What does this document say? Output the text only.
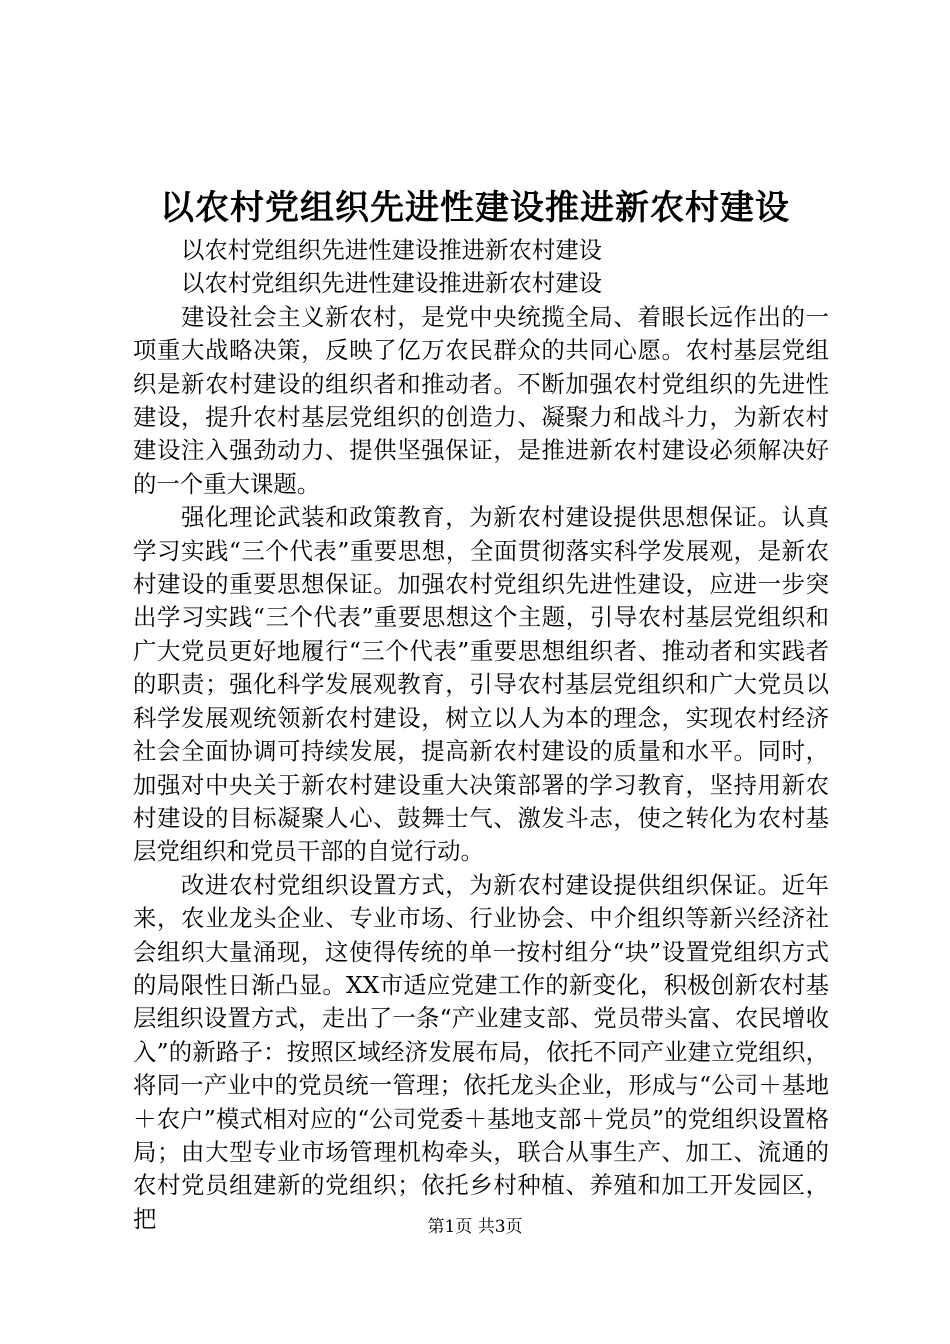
以农村党组织先进性建设推进新农村建设

以农村党组织先进性建设推进新农村建设

以农村党组织先进性建设推进新农村建设

建设社会主义新农村，是党中央统揽全局、着眼长远作出的一项重大战略决策，反映了亿万农民群众的共同心愿。农村基层党组织是新农村建设的组织者和推动者。不断加强农村党组织的先进性建设，提升农村基层党组织的创造力、凝聚力和战斗力，为新农村建设注入强劲动力、提供坚强保证，是推进新农村建设必须解决好的一个重大课题。

强化理论武装和政策教育，为新农村建设提供思想保证。认真学习实践“三个代表”重要思想，全面贯彻落实科学发展观，是新农村建设的重要思想保证。加强农村党组织先进性建设，应进一步突出学习实践“三个代表”重要思想这个主题，引导农村基层党组织和广大党员更好地履行“三个代表”重要思想组织者、推动者和实践者的职责；强化科学发展观教育，引导农村基层党组织和广大党员以科学发展观统领新农村建设，树立以人为本的理念，实现农村经济社会全面协调可持续发展，提高新农村建设的质量和水平。同时，加强对中央关于新农村建设重大决策部署的学习教育，坚持用新农村建设的目标凝聚人心、鼓舞士气、激发斗志，使之转化为农村基层党组织和党员干部的自觉行动。

改进农村党组织设置方式，为新农村建设提供组织保证。近年来，农业龙头企业、专业市场、行业协会、中介组织等新兴经济社会组织大量涌现，这使得传统的单一按村组分“块”设置党组织方式的局限性日渐凸显。XX市适应党建工作的新变化，积极创新农村基层组织设置方式，走出了一条“产业建支部、党员带头富、农民增收入”的新路子：按照区域经济发展布局，依托不同产业建立党组织，将同一产业中的党员统一管理；依托龙头企业，形成与“公司＋基地＋农户”模式相对应的“公司党委＋基地支部＋党员”的党组织设置格局；由大型专业市场管理机构牵头，联合从事生产、加工、流通的农村党员组建新的党组织；依托乡村种植、养殖和加工开发园区，把	第1页 共3页
